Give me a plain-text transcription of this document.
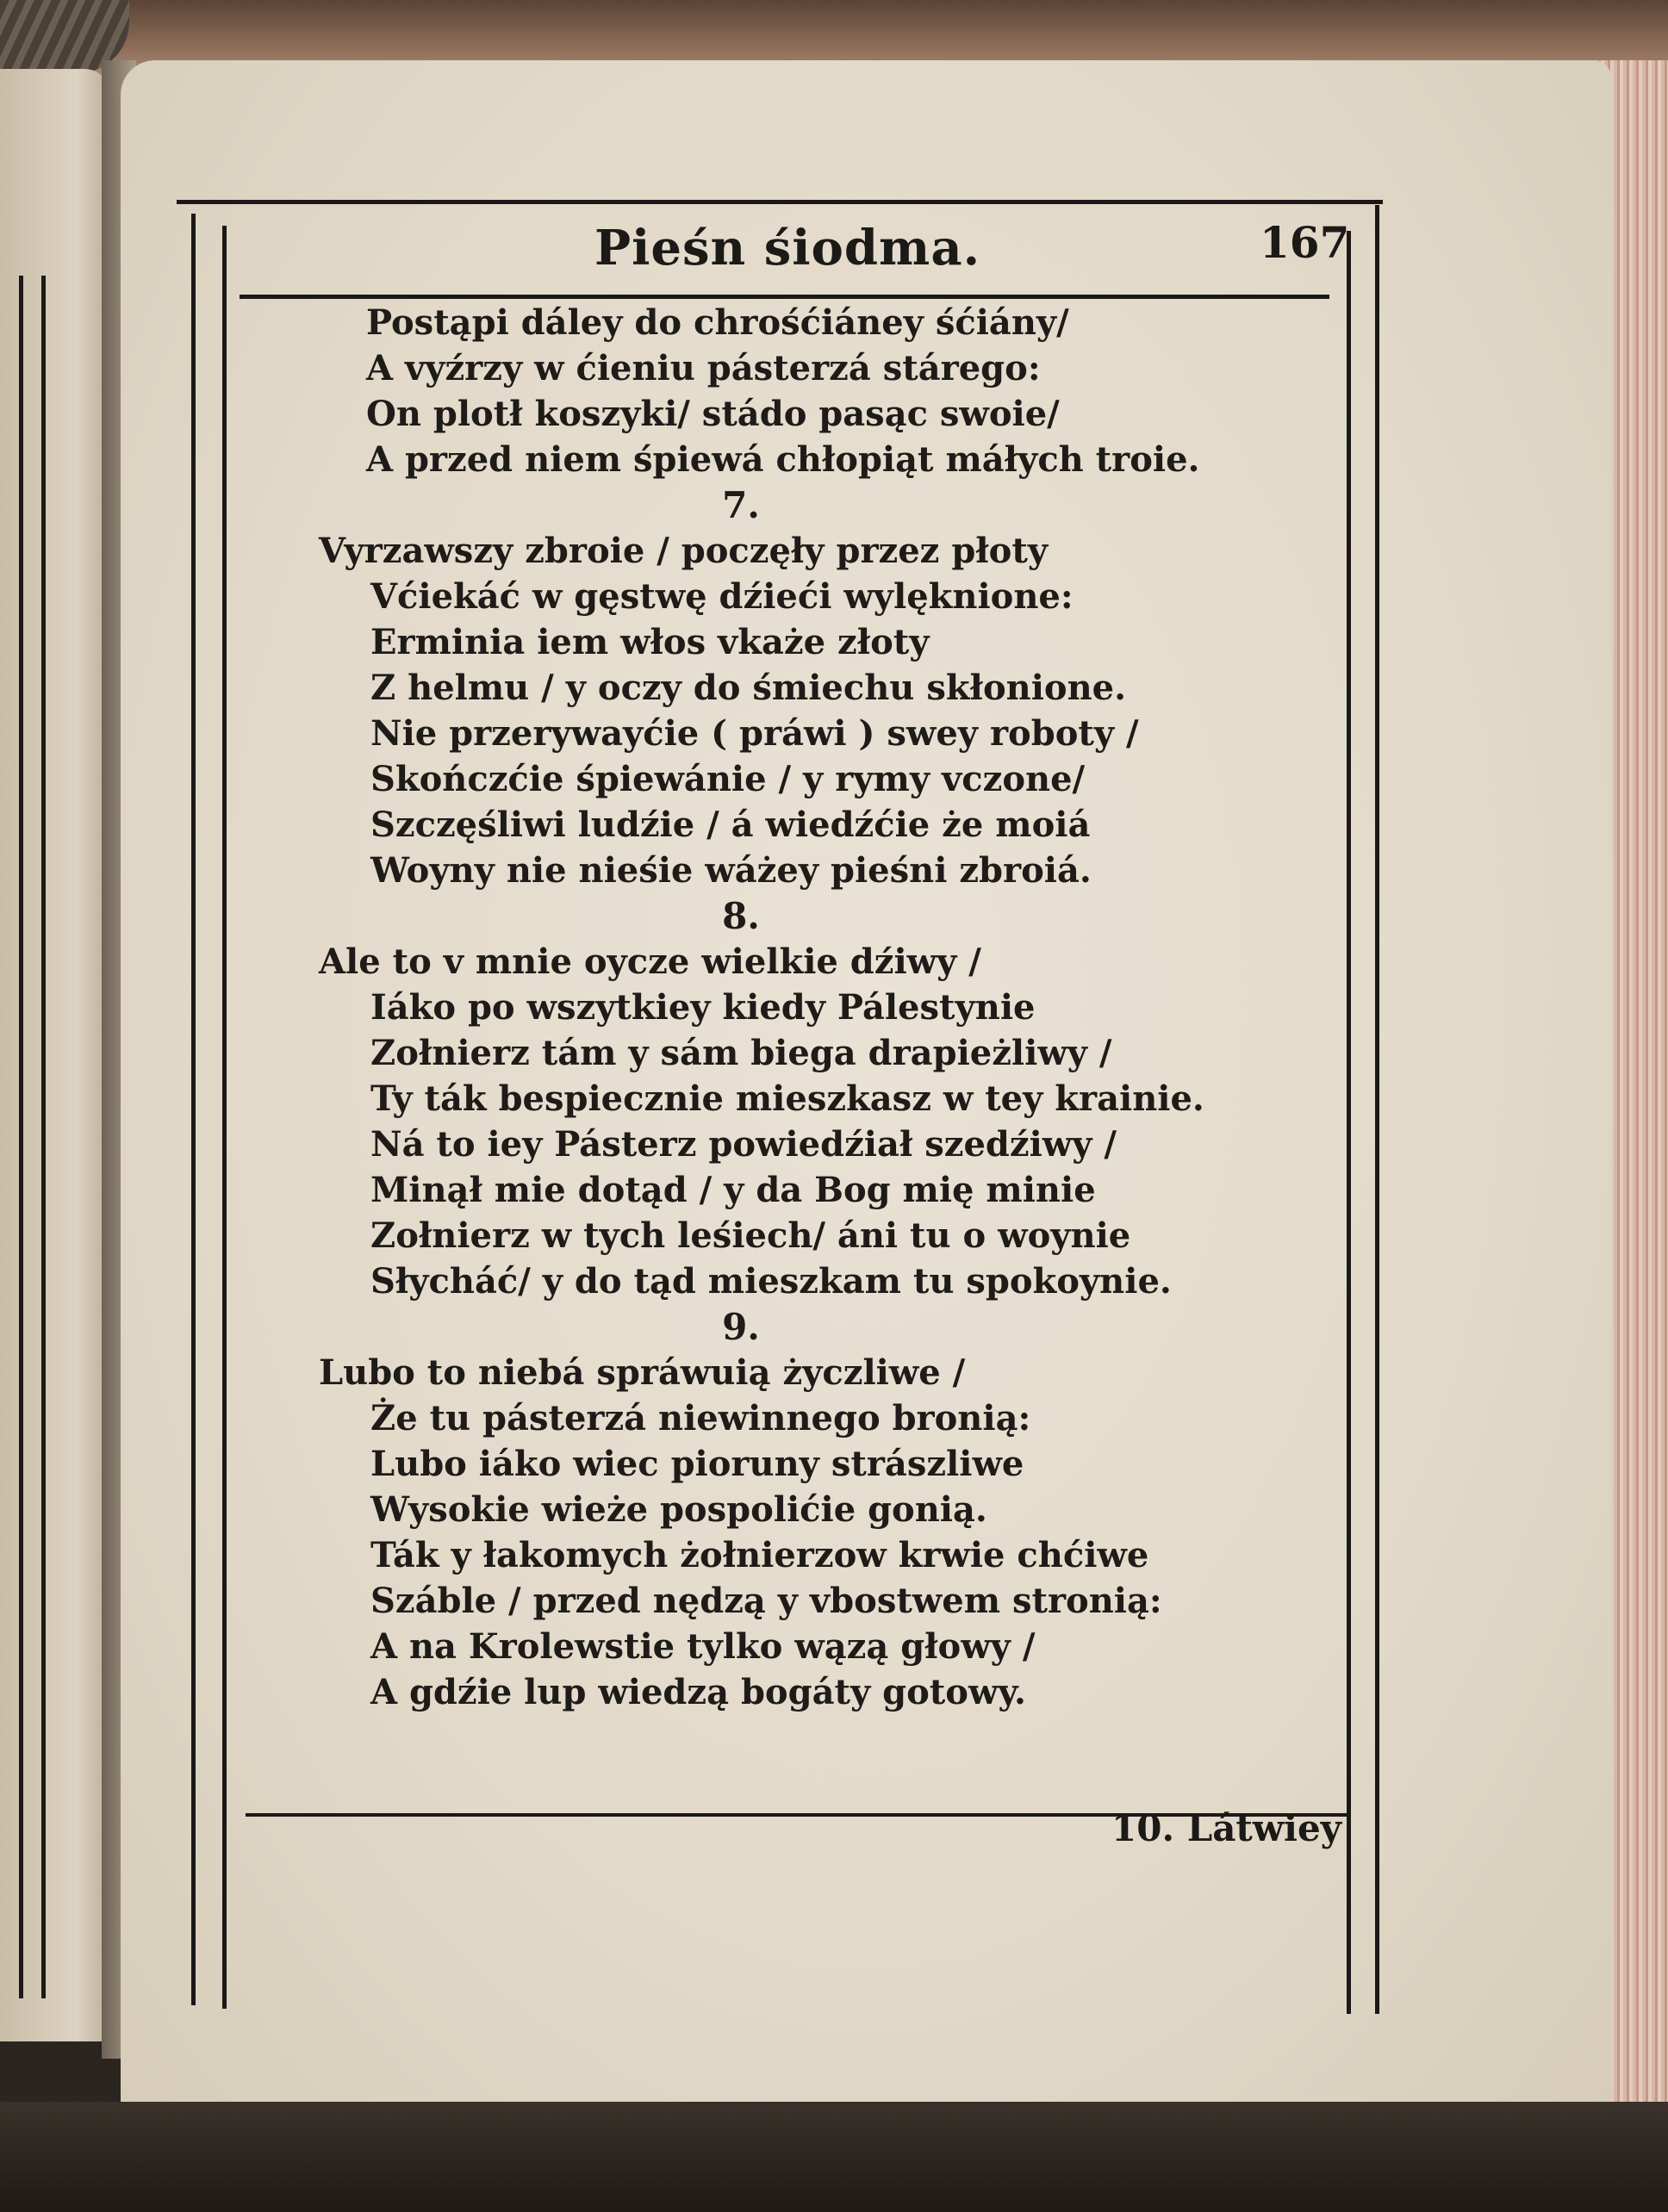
Pieśn śiodma.	167
Postąpi dáley do chrośćiáney śćiány/
A vyźrzy w ćieniu pásterzá stárego:
On plotł koszyki/ stádo pasąc swoie/
A przed niem śpiewá chłopiąt máłych troie.
7.
Vyrzawszy zbroie / poczęły przez płoty
Vćiekáć w gęstwę dźieći wylęknione:
Erminia iem włos vkaże złoty
Z helmu / y oczy do śmiechu skłonione.
Nie przerywayćie ( práwi ) swey roboty /
Skończćie śpiewánie / y rymy vczone/
Szczęśliwi ludźie / á wiedźćie że moiá
Woyny nie nieśie wáżey pieśni zbroiá.
8.
Ale to v mnie oycze wielkie dźiwy /
Iáko po wszytkiey kiedy Pálestynie
Zołnierz tám y sám biega drapieżliwy /
Ty ták bespiecznie mieszkasz w tey krainie.
Ná to iey Pásterz powiedźiał szedźiwy /
Minął mie dotąd / y da Bog mię minie
Zołnierz w tych leśiech/ áni tu o woynie
Słycháć/ y do tąd mieszkam tu spokoynie.
9.
Lubo to niebá spráwuią życzliwe /
Że tu pásterzá niewinnego bronią:
Lubo iáko wiec pioruny strászliwe
Wysokie wieże pospolićie gonią.
Ták y łakomych żołnierzow krwie chćiwe
Száble / przed nędzą y vbostwem stronią:
A na Krolewstie tylko wązą głowy /
A gdźie lup wiedzą bogáty gotowy.
10. Látwiey
